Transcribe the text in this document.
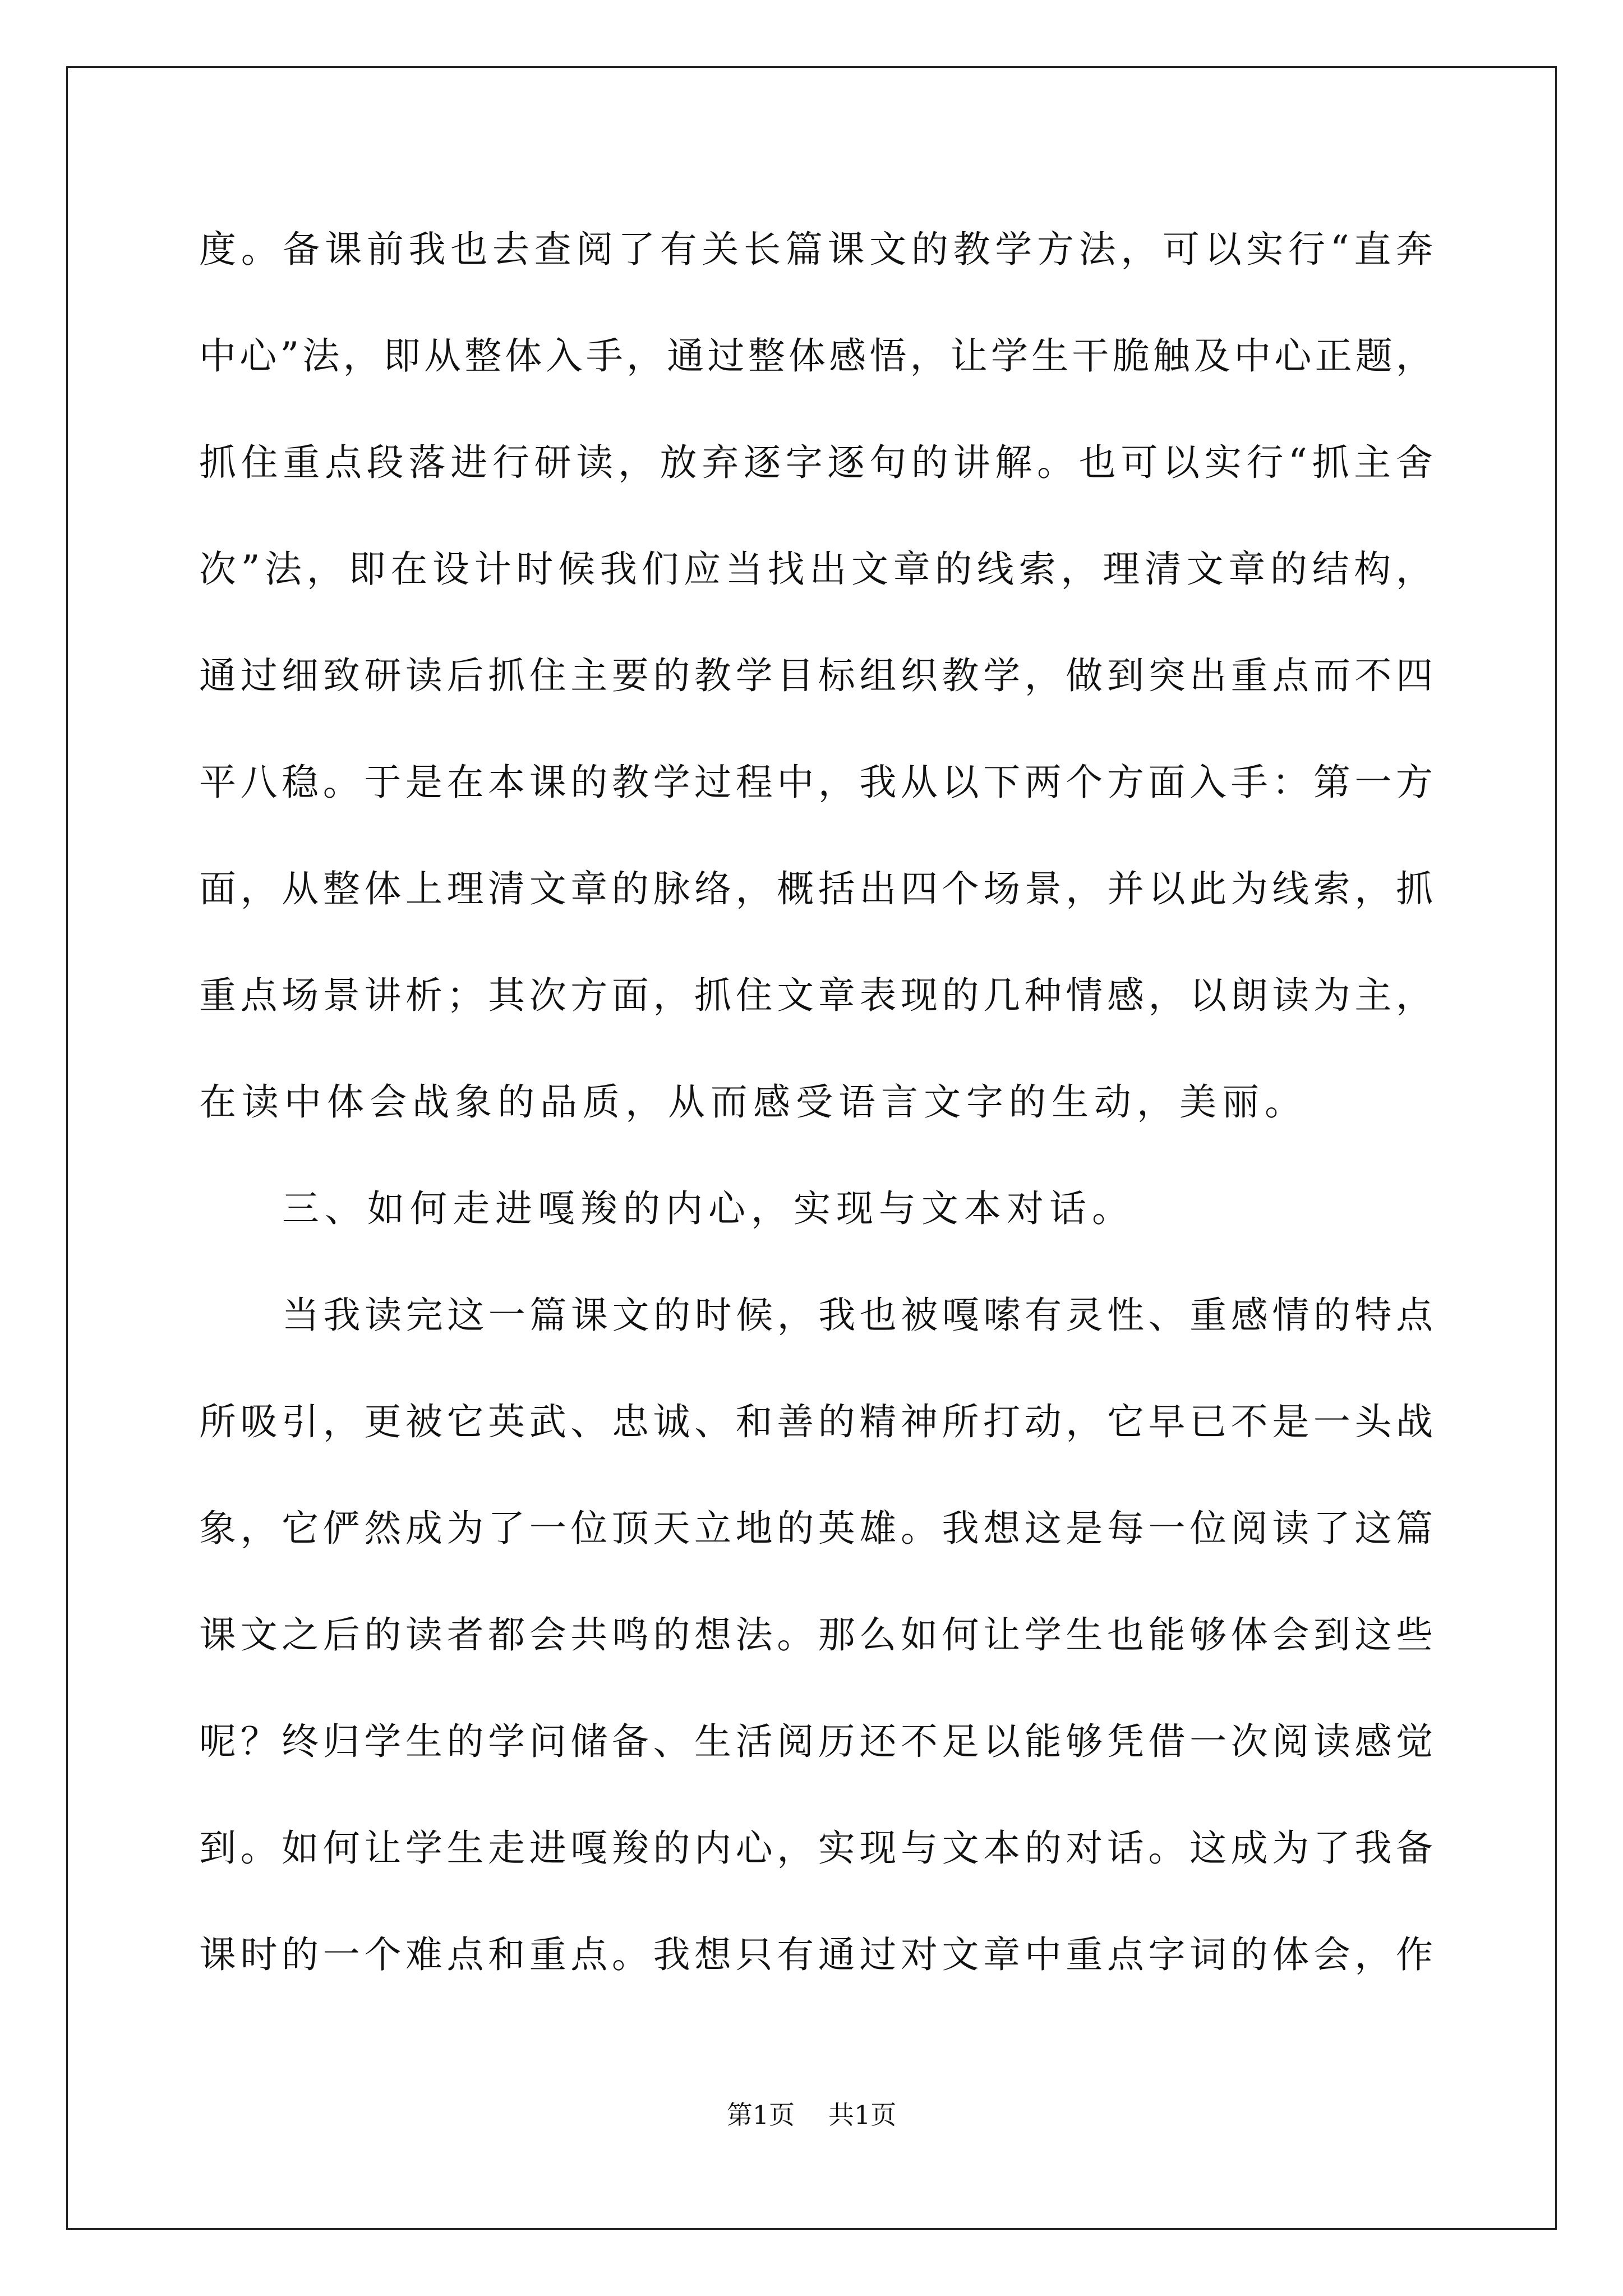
度。备课前我也去查阅了有关长篇课文的教学方法，可以实行“直奔
中心”法，即从整体入手，通过整体感悟，让学生干脆触及中心正题，
抓住重点段落进行研读，放弃逐字逐句的讲解。也可以实行“抓主舍
次”法，即在设计时候我们应当找出文章的线索，理清文章的结构，
通过细致研读后抓住主要的教学目标组织教学，做到突出重点而不四
平八稳。于是在本课的教学过程中，我从以下两个方面入手：第一方
面，从整体上理清文章的脉络，概括出四个场景，并以此为线索，抓
重点场景讲析；其次方面，抓住文章表现的几种情感，以朗读为主，
在读中体会战象的品质，从而感受语言文字的生动，美丽。
三、如何走进嘎羧的内心，实现与文本对话。
当我读完这一篇课文的时候，我也被嘎嗦有灵性、重感情的特点
所吸引，更被它英武、忠诚、和善的精神所打动，它早已不是一头战
象，它俨然成为了一位顶天立地的英雄。我想这是每一位阅读了这篇
课文之后的读者都会共鸣的想法。那么如何让学生也能够体会到这些
呢？终归学生的学问储备、生活阅历还不足以能够凭借一次阅读感觉
到。如何让学生走进嘎羧的内心，实现与文本的对话。这成为了我备
课时的一个难点和重点。我想只有通过对文章中重点字词的体会，作
第1页 共1页
